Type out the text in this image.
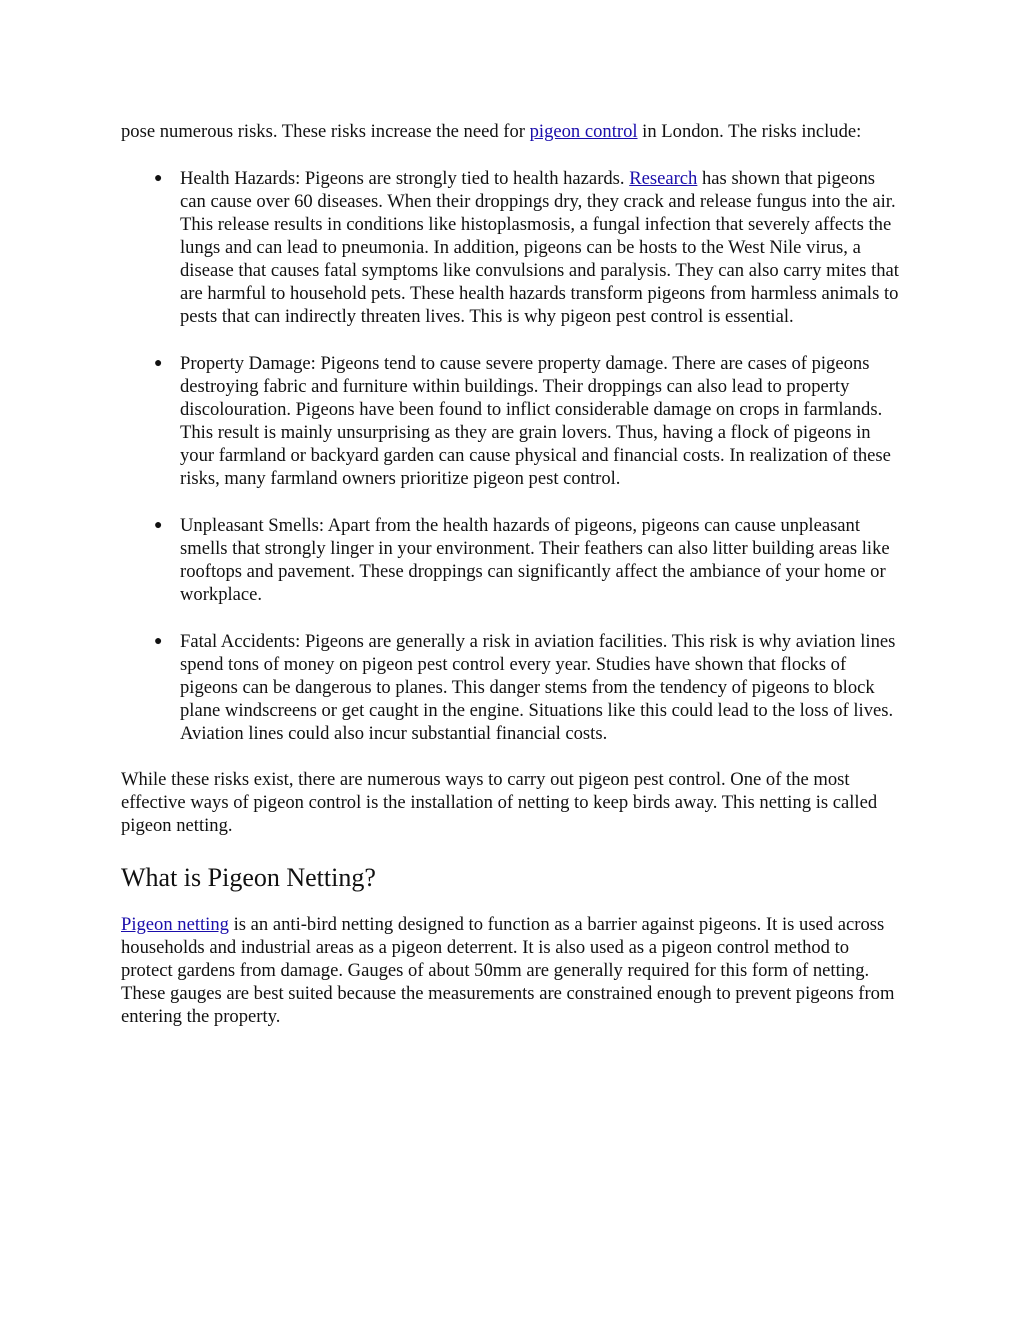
pose numerous risks. These risks increase the need for pigeon control in London. The risks include:

● Health Hazards: Pigeons are strongly tied to health hazards. Research has shown that pigeons can cause over 60 diseases. When their droppings dry, they crack and release fungus into the air. This release results in conditions like histoplasmosis, a fungal infection that severely affects the lungs and can lead to pneumonia. In addition, pigeons can be hosts to the West Nile virus, a disease that causes fatal symptoms like convulsions and paralysis. They can also carry mites that are harmful to household pets. These health hazards transform pigeons from harmless animals to pests that can indirectly threaten lives. This is why pigeon pest control is essential.
● Property Damage: Pigeons tend to cause severe property damage. There are cases of pigeons destroying fabric and furniture within buildings. Their droppings can also lead to property discolouration. Pigeons have been found to inflict considerable damage on crops in farmlands. This result is mainly unsurprising as they are grain lovers. Thus, having a flock of pigeons in your farmland or backyard garden can cause physical and financial costs. In realization of these risks, many farmland owners prioritize pigeon pest control.
● Unpleasant Smells: Apart from the health hazards of pigeons, pigeons can cause unpleasant smells that strongly linger in your environment. Their feathers can also litter building areas like rooftops and pavement. These droppings can significantly affect the ambiance of your home or workplace.
● Fatal Accidents: Pigeons are generally a risk in aviation facilities. This risk is why aviation lines spend tons of money on pigeon pest control every year. Studies have shown that flocks of pigeons can be dangerous to planes. This danger stems from the tendency of pigeons to block plane windscreens or get caught in the engine. Situations like this could lead to the loss of lives. Aviation lines could also incur substantial financial costs.

While these risks exist, there are numerous ways to carry out pigeon pest control. One of the most effective ways of pigeon control is the installation of netting to keep birds away. This netting is called pigeon netting.

What is Pigeon Netting?

Pigeon netting is an anti-bird netting designed to function as a barrier against pigeons. It is used across households and industrial areas as a pigeon deterrent. It is also used as a pigeon control method to protect gardens from damage. Gauges of about 50mm are generally required for this form of netting. These gauges are best suited because the measurements are constrained enough to prevent pigeons from entering the property.
